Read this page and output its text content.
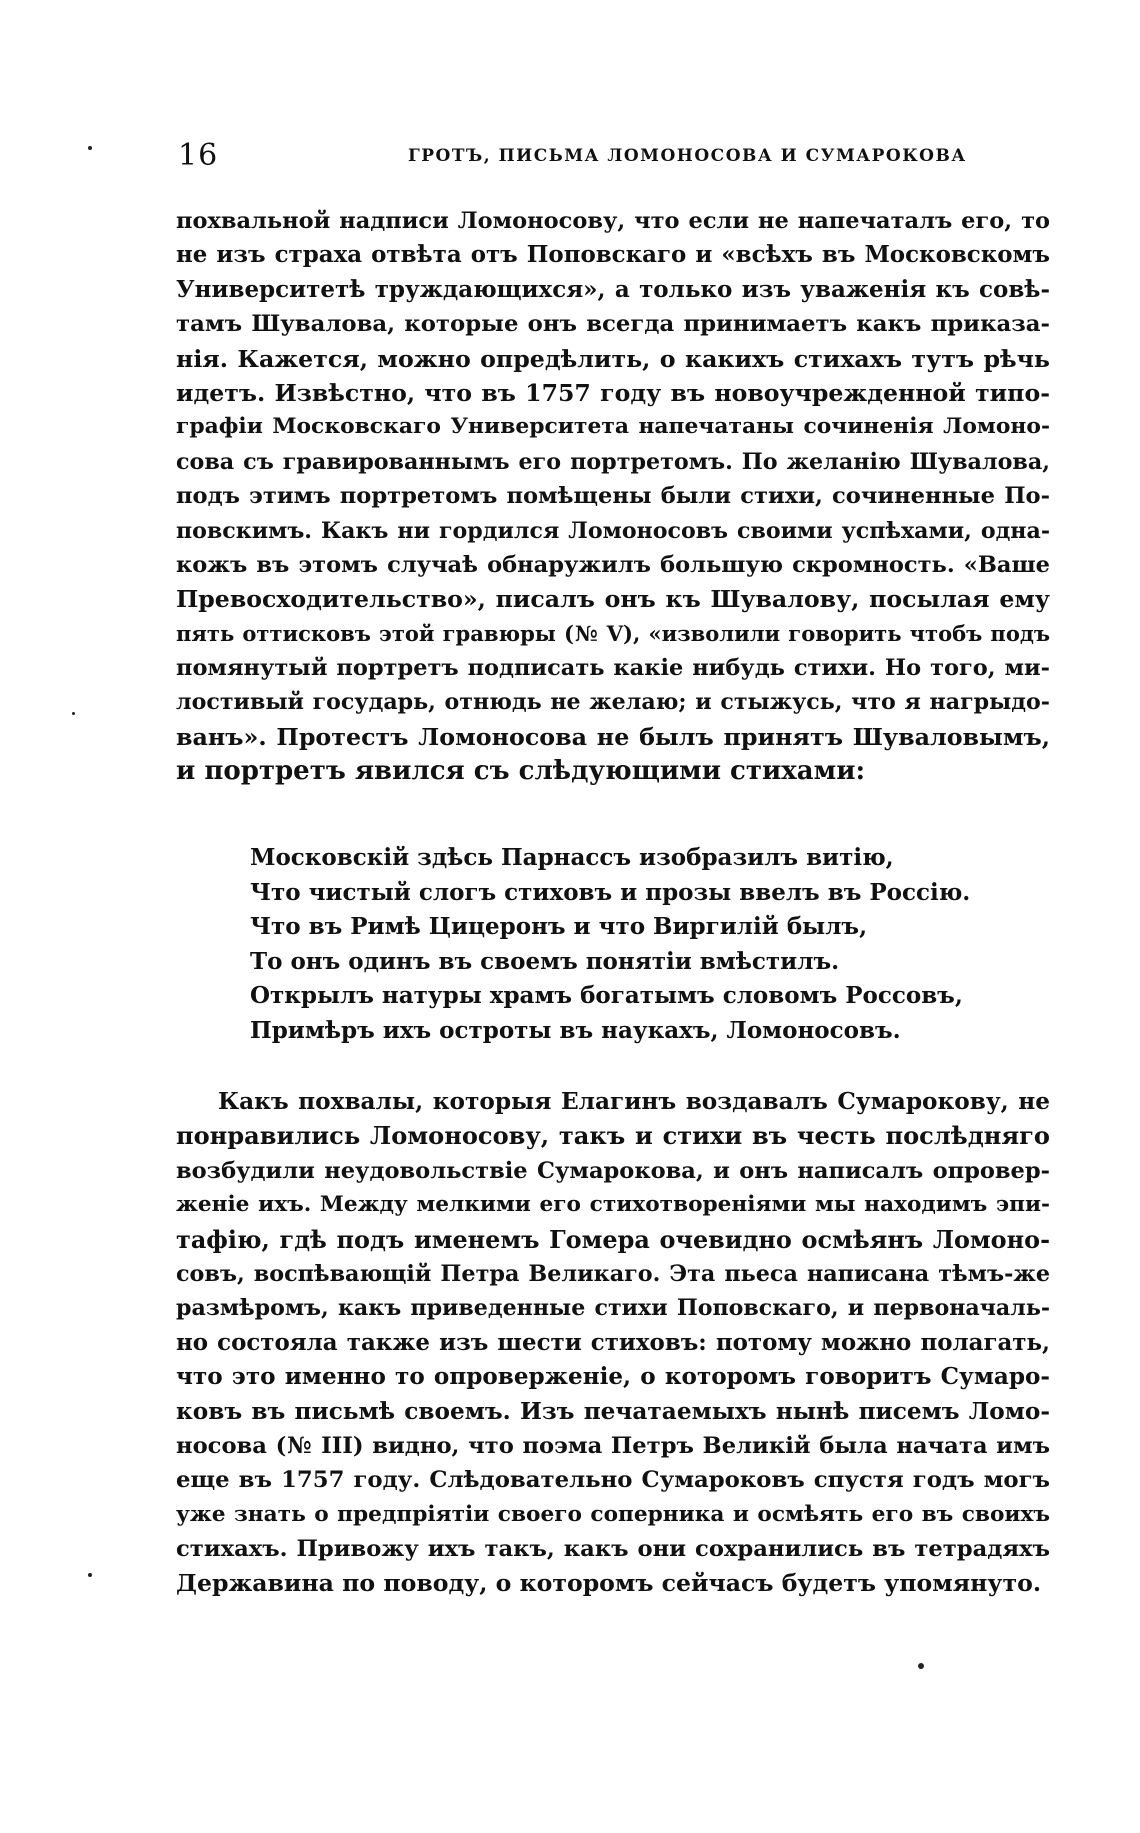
16	ГРОТЪ, ПИСЬМА ЛОМОНОСОВА И СУМАРОКОВА
похвальной надписи Ломоносову, что если не напечаталъ его, то
не изъ страха отвѣта отъ Поповскаго и «всѣхъ въ Московскомъ
Университетѣ труждающихся», а только изъ уваженія къ совѣ-
тамъ Шувалова, которые онъ всегда принимаетъ какъ приказа-
нія. Кажется, можно опредѣлить, о какихъ стихахъ тутъ рѣчь
идетъ. Извѣстно, что въ 1757 году въ новоучрежденной типо-
графіи Московскаго Университета напечатаны сочиненія Ломоно-
сова съ гравированнымъ его портретомъ. По желанію Шувалова,
подъ этимъ портретомъ помѣщены были стихи, сочиненные По-
повскимъ. Какъ ни гордился Ломоносовъ своими успѣхами, одна-
кожъ въ этомъ случаѣ обнаружилъ большую скромность. «Ваше
Превосходительство», писалъ онъ къ Шувалову, посылая ему
пять оттисковъ этой гравюры (№ V), «изволили говорить чтобъ подъ
помянутый портретъ подписать какіе нибудь стихи. Но того, ми-
лостивый государь, отнюдь не желаю; и стыжусь, что я нагрыдо-
ванъ». Протестъ Ломоносова не былъ принятъ Шуваловымъ,
и портретъ явился съ слѣдующими стихами:
Московскій здѣсь Парнассъ изобразилъ витію,
Что чистый слогъ стиховъ и прозы ввелъ въ Россію.
Что въ Римѣ Цицеронъ и что Виргилій былъ,
То онъ одинъ въ своемъ понятіи вмѣстилъ.
Открылъ натуры храмъ богатымъ словомъ Россовъ,
Примѣръ ихъ остроты въ наукахъ, Ломоносовъ.
Какъ похвалы, которыя Елагинъ воздавалъ Сумарокову, не
понравились Ломоносову, такъ и стихи въ честь послѣдняго
возбудили неудовольствіе Сумарокова, и онъ написалъ опровер-
женіе ихъ. Между мелкими его стихотвореніями мы находимъ эпи-
тафію, гдѣ подъ именемъ Гомера очевидно осмѣянъ Ломоно-
совъ, воспѣвающій Петра Великаго. Эта пьеса написана тѣмъ-же
размѣромъ, какъ приведенные стихи Поповскаго, и первоначаль-
но состояла также изъ шести стиховъ: потому можно полагать,
что это именно то опроверженіе, о которомъ говоритъ Сумаро-
ковъ въ письмѣ своемъ. Изъ печатаемыхъ нынѣ писемъ Ломо-
носова (№ III) видно, что поэма Петръ Великій была начата имъ
еще въ 1757 году. Слѣдовательно Сумароковъ спустя годъ могъ
уже знать о предпріятіи своего соперника и осмѣять его въ своихъ
стихахъ. Привожу ихъ такъ, какъ они сохранились въ тетрадяхъ
Державина по поводу, о которомъ сейчасъ будетъ упомянуто.
